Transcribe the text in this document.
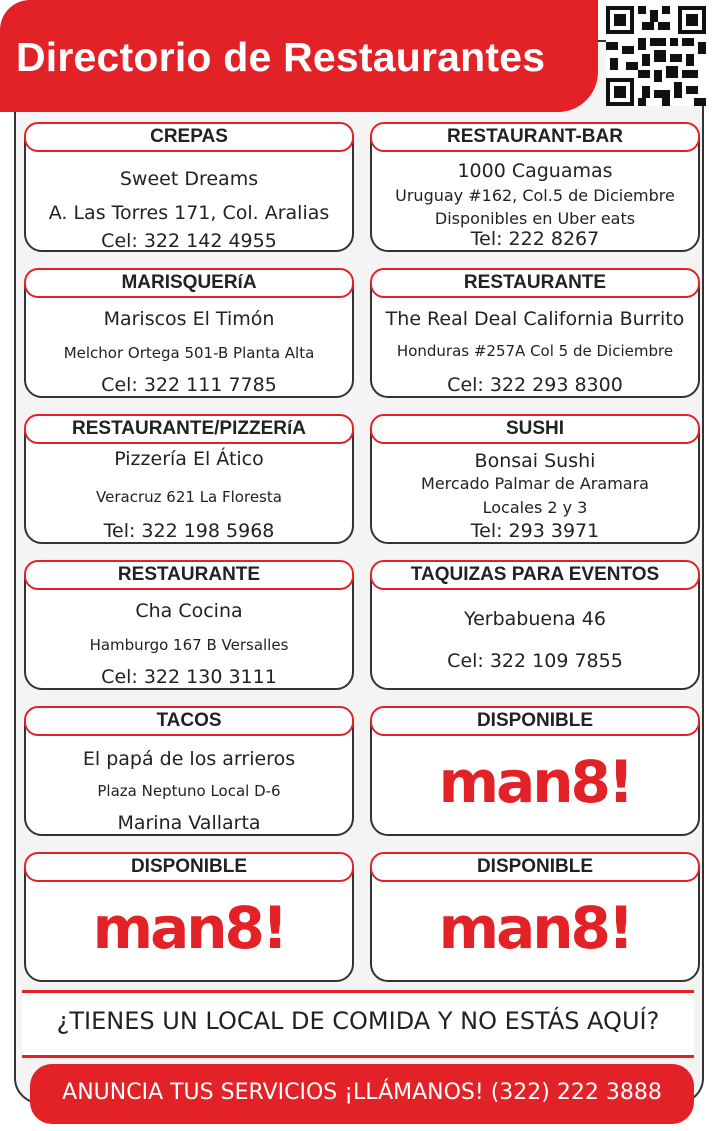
Directorio de Restaurantes
CREPAS
Sweet Dreams
A. Las Torres 171, Col. Aralias
Cel: 322 142 4955
RESTAURANT-BAR
1000 Caguamas
Uruguay #162, Col.5 de Diciembre
Disponibles en Uber eats
Tel: 222 8267
MARISQUERíA
Mariscos El Timón
Melchor Ortega 501-B Planta Alta
Cel: 322 111 7785
RESTAURANTE
The Real Deal California Burrito
Honduras #257A Col 5 de Diciembre
Cel: 322 293 8300
RESTAURANTE/PIZZERíA
Pizzería El Ático
Veracruz 621 La Floresta
Tel: 322 198 5968
SUSHI
Bonsai Sushi
Mercado Palmar de Aramara
Locales 2 y 3
Tel: 293 3971
RESTAURANTE
Cha Cocina
Hamburgo 167 B Versalles
Cel: 322 130 3111
TAQUIZAS PARA EVENTOS
Yerbabuena 46
Cel: 322 109 7855
TACOS
El papá de los arrieros
Plaza Neptuno Local D-6
Marina Vallarta
DISPONIBLE
man8!
DISPONIBLE
man8!
DISPONIBLE
man8!
¿TIENES UN LOCAL DE COMIDA Y NO ESTÁS AQUÍ?
ANUNCIA TUS SERVICIOS ¡LLÁMANOS! (322) 222 3888
